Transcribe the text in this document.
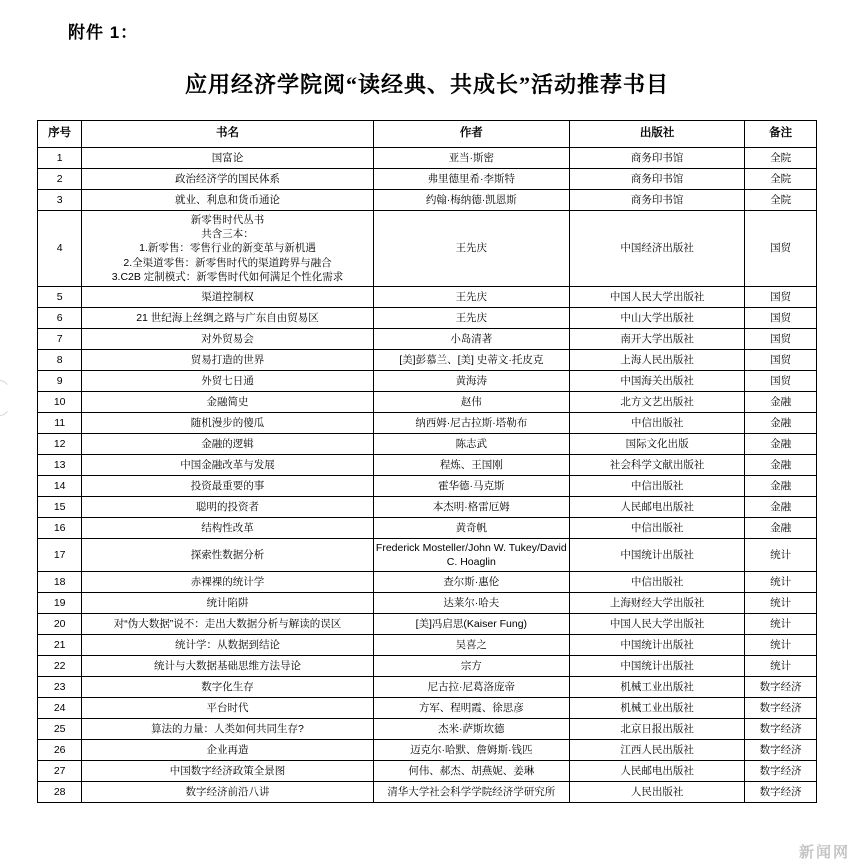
附件 1：
应用经济学院阅“读经典、共成长”活动推荐书目
序号	书名	作者	出版社	备注
1	国富论	亚当·斯密	商务印书馆	全院
2	政治经济学的国民体系	弗里德里希·李斯特	商务印书馆	全院
3	就业、利息和货币通论	约翰·梅纳德·凯恩斯	商务印书馆	全院
4	新零售时代丛书
共含三本：
1.新零售：零售行业的新变革与新机遇
2.全渠道零售：新零售时代的渠道跨界与融合
3.C2B 定制模式：新零售时代如何满足个性化需求	王先庆	中国经济出版社	国贸
5	渠道控制权	王先庆	中国人民大学出版社	国贸
6	21 世纪海上丝绸之路与广东自由贸易区	王先庆	中山大学出版社	国贸
7	对外贸易会	小岛清著	南开大学出版社	国贸
8	贸易打造的世界	[美]彭慕兰、[美] 史蒂文·托皮克	上海人民出版社	国贸
9	外贸七日通	黄海涛	中国海关出版社	国贸
10	金融简史	赵伟	北方文艺出版社	金融
11	随机漫步的傻瓜	纳西姆·尼古拉斯·塔勒布	中信出版社	金融
12	金融的逻辑	陈志武	国际文化出版	金融
13	中国金融改革与发展	程炼、王国刚	社会科学文献出版社	金融
14	投资最重要的事	霍华德·马克斯	中信出版社	金融
15	聪明的投资者	本杰明·格雷厄姆	人民邮电出版社	金融
16	结构性改革	黄奇帆	中信出版社	金融
17	探索性数据分析	Frederick Mosteller/John W. Tukey/David C. Hoaglin	中国统计出版社	统计
18	赤裸裸的统计学	查尔斯·惠伦	中信出版社	统计
19	统计陷阱	达莱尔·哈夫	上海财经大学出版社	统计
20	对“伪大数据”说不：走出大数据分析与解读的误区	[美]冯启思(Kaiser Fung)	中国人民大学出版社	统计
21	统计学：从数据到结论	吴喜之	中国统计出版社	统计
22	统计与大数据基础思维方法导论	宗方	中国统计出版社	统计
23	数字化生存	尼古拉·尼葛洛庞帝	机械工业出版社	数字经济
24	平台时代	方军、程明霞、徐思彦	机械工业出版社	数字经济
25	算法的力量：人类如何共同生存?	杰米·萨斯坎德	北京日报出版社	数字经济
26	企业再造	迈克尔·哈默、詹姆斯·钱匹	江西人民出版社	数字经济
27	中国数字经济政策全景图	何伟、郝杰、胡燕妮、姜琳	人民邮电出版社	数字经济
28	数字经济前沿八讲	清华大学社会科学学院经济学研究所	人民出版社	数字经济
新闻网
